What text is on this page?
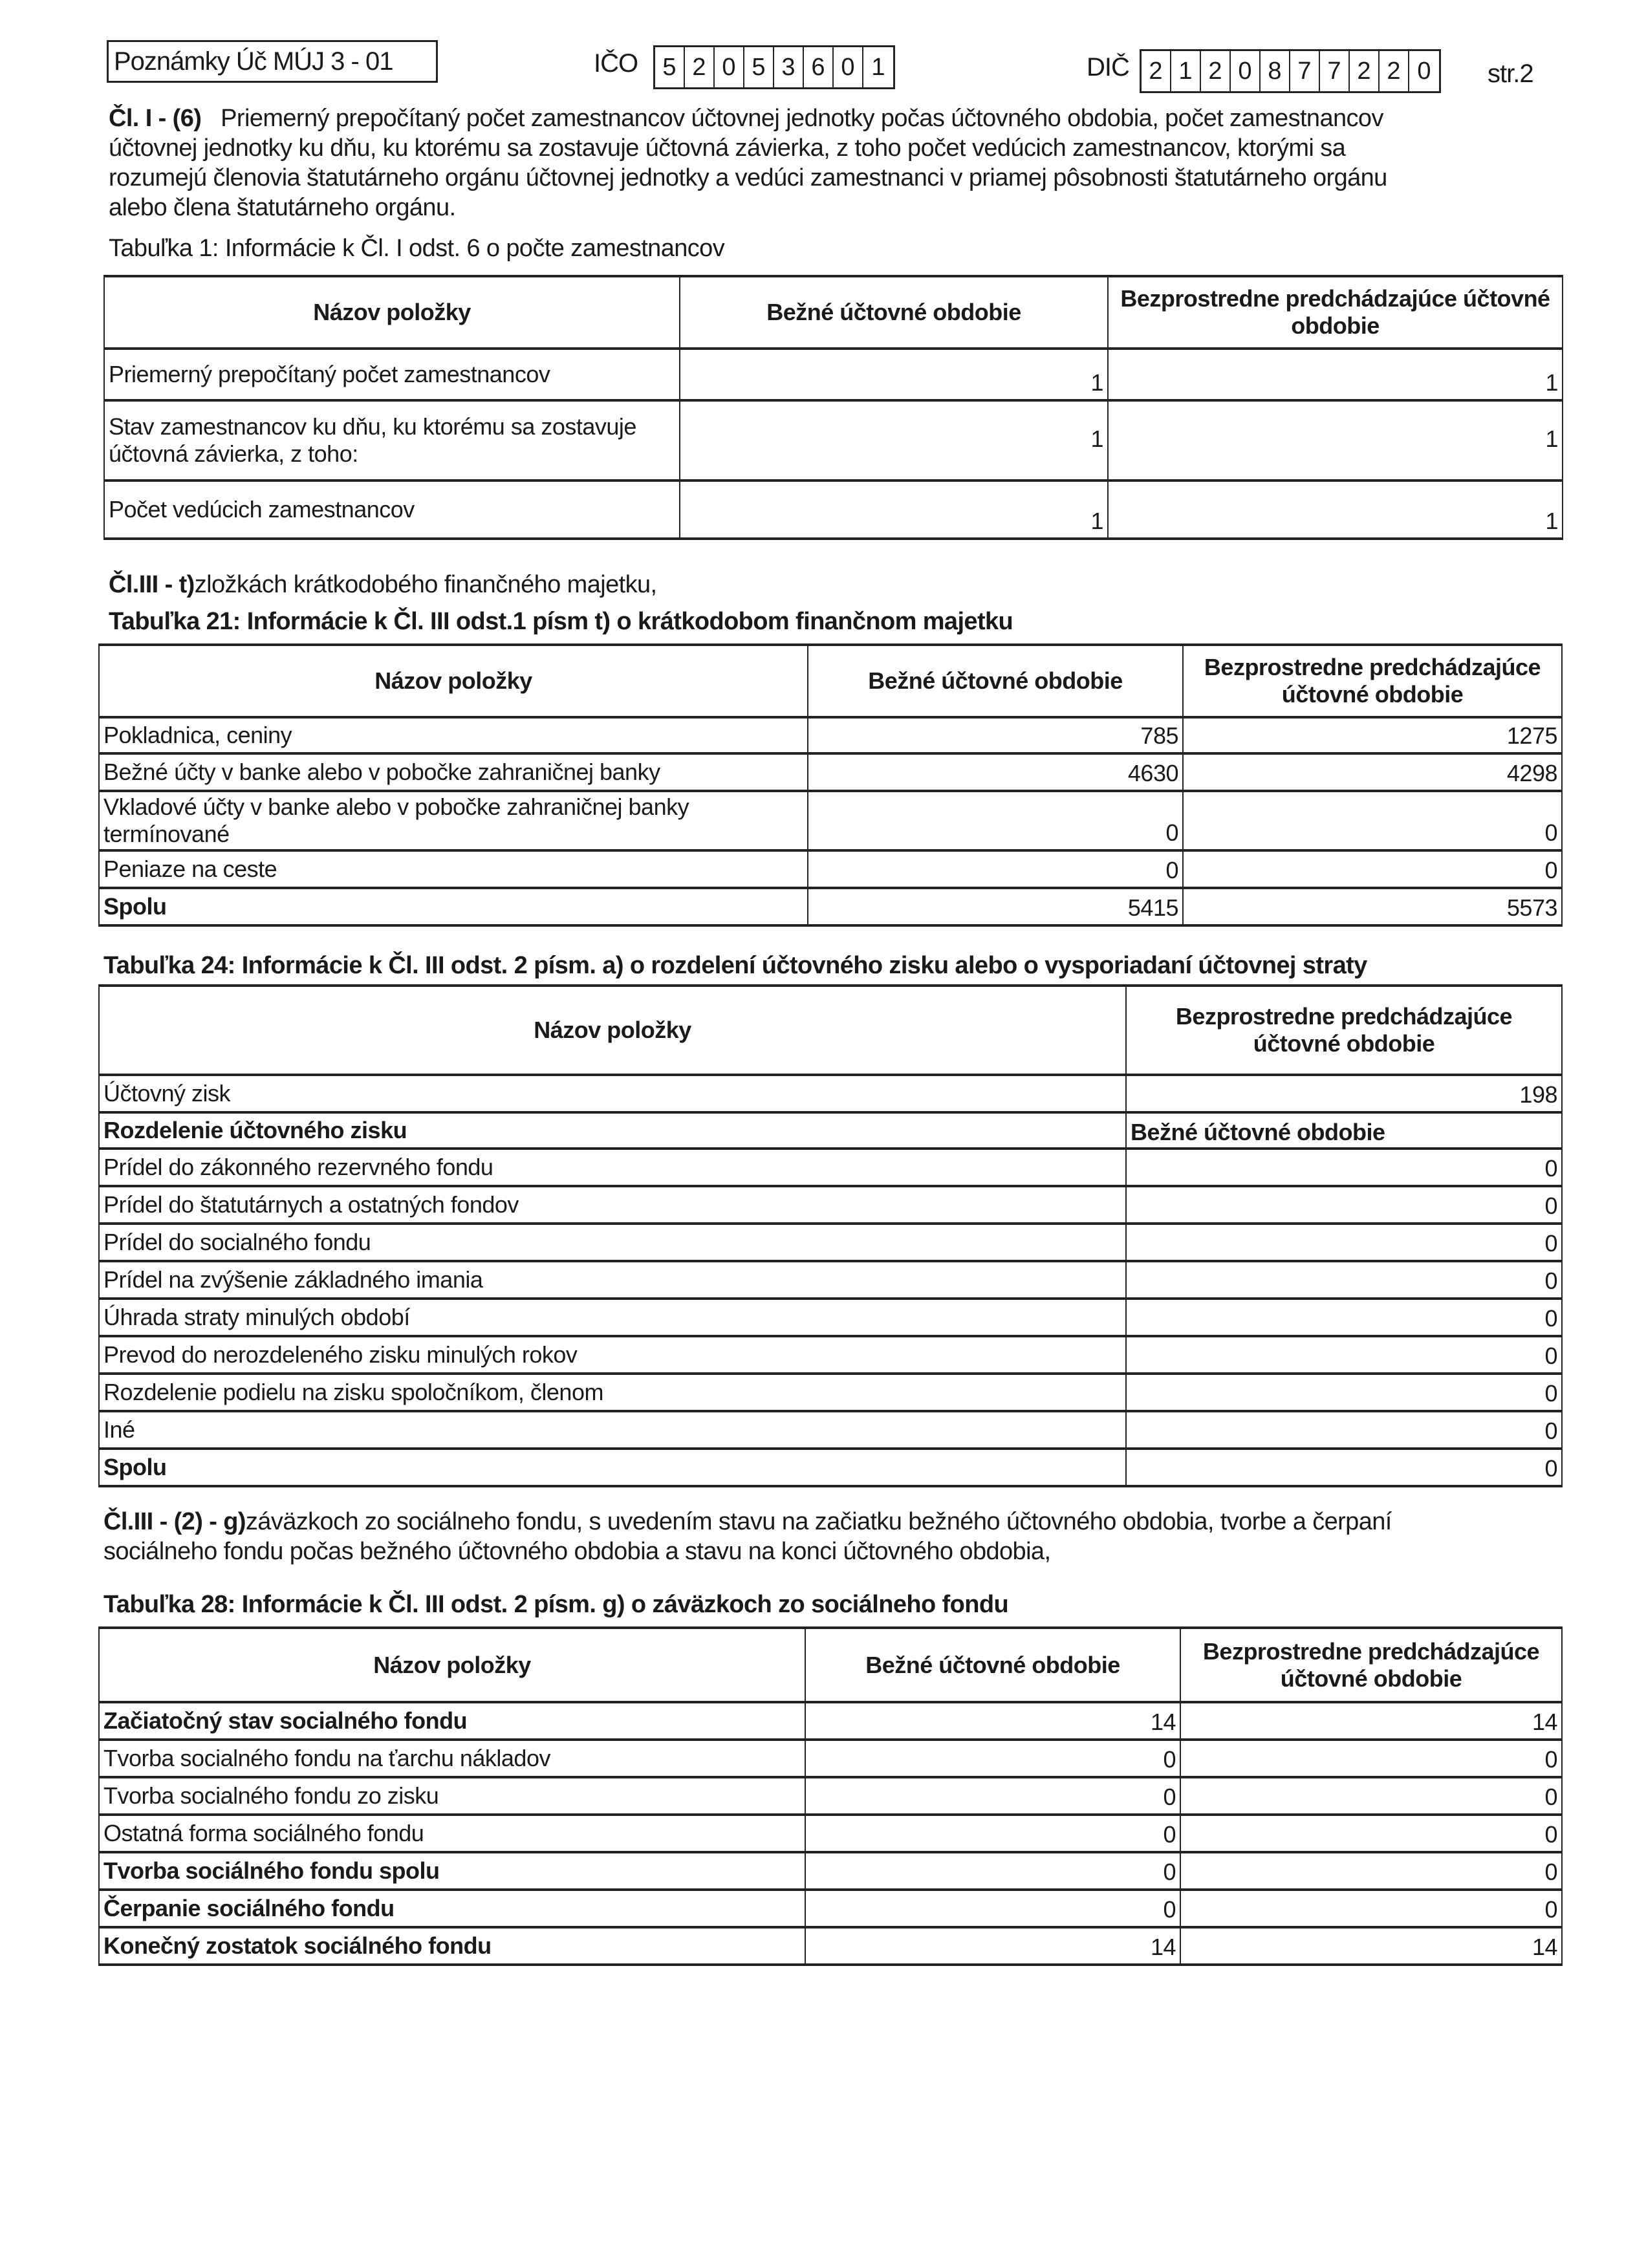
Poznámky Úč MÚJ 3 - 01	IČO	5 2 0 5 3 6 0 1	DIČ 2 1 2 0 8 7 7 2 2 0	str.2
Čl. I - (6) Priemerný prepočítaný počet zamestnancov účtovnej jednotky počas účtovného obdobia, počet zamestnancov účtovnej jednotky ku dňu, ku ktorému sa zostavuje účtovná závierka, z toho počet vedúcich zamestnancov, ktorými sa rozumejú členovia štatutárneho orgánu účtovnej jednotky a vedúci zamestnanci v priamej pôsobnosti štatutárneho orgánu alebo člena štatutárneho orgánu.
Tabuľka 1: Informácie k Čl. I odst. 6 o počte zamestnancov
Názov položky	Bežné účtovné obdobie	Bezprostredne predchádzajúce účtovné obdobie
Priemerný prepočítaný počet zamestnancov	1	1
Stav zamestnancov ku dňu, ku ktorému sa zostavuje účtovná závierka, z toho:	1	1
Počet vedúcich zamestnancov	1	1
Čl.III - t)zložkách krátkodobého finančného majetku,
Tabuľka 21: Informácie k Čl. III odst.1 písm t) o krátkodobom finančnom majetku
Názov položky	Bežné účtovné obdobie	Bezprostredne predchádzajúce účtovné obdobie
Pokladnica, ceniny	785	1275
Bežné účty v banke alebo v pobočke zahraničnej banky	4630	4298
Vkladové účty v banke alebo v pobočke zahraničnej banky termínované	0	0
Peniaze na ceste	0	0
Spolu	5415	5573
Tabuľka 24: Informácie k Čl. III odst. 2 písm. a) o rozdelení účtovného zisku alebo o vysporiadaní účtovnej straty
Názov položky	Bezprostredne predchádzajúce účtovné obdobie
Účtovný zisk	198
Rozdelenie účtovného zisku	Bežné účtovné obdobie
Prídel do zákonného rezervného fondu	0
Prídel do štatutárnych a ostatných fondov	0
Prídel do socialného fondu	0
Prídel na zvýšenie základného imania	0
Úhrada straty minulých období	0
Prevod do nerozdeleného zisku minulých rokov	0
Rozdelenie podielu na zisku spoločníkom, členom	0
Iné	0
Spolu	0
Čl.III - (2) - g)záväzkoch zo sociálneho fondu, s uvedením stavu na začiatku bežného účtovného obdobia, tvorbe a čerpaní sociálneho fondu počas bežného účtovného obdobia a stavu na konci účtovného obdobia,
Tabuľka 28: Informácie k Čl. III odst. 2 písm. g) o záväzkoch zo sociálneho fondu
Názov položky	Bežné účtovné obdobie	Bezprostredne predchádzajúce účtovné obdobie
Začiatočný stav socialného fondu	14	14
Tvorba socialného fondu na ťarchu nákladov	0	0
Tvorba socialného fondu zo zisku	0	0
Ostatná forma sociálného fondu	0	0
Tvorba sociálného fondu spolu	0	0
Čerpanie sociálného fondu	0	0
Konečný zostatok sociálného fondu	14	14
